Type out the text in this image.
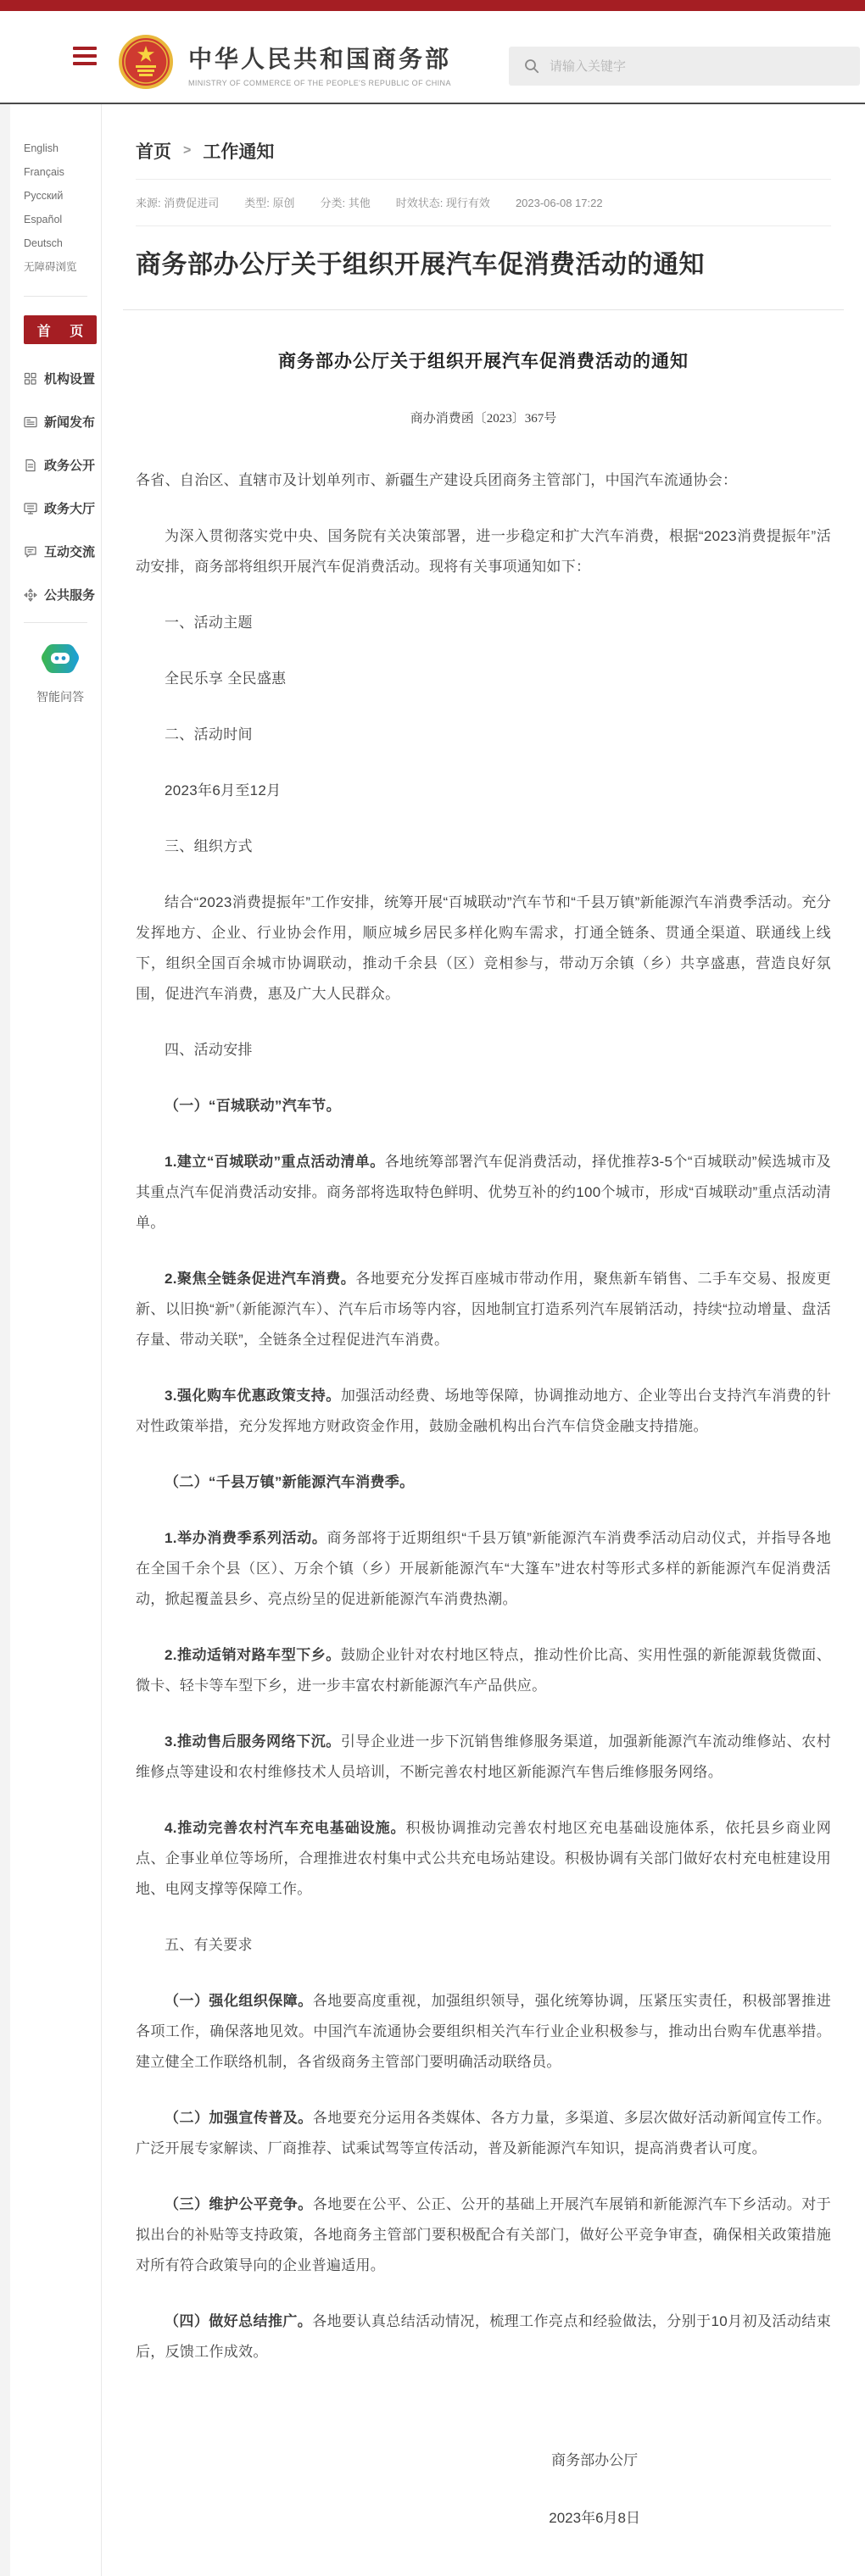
中华人民共和国商务部
MINISTRY OF COMMERCE OF THE PEOPLE'S REPUBLIC OF CHINA
请输入关键字
English
Français
Русский
Español
Deutsch
无障碍浏览
首 页
机构设置
新闻发布
政务公开
政务大厅
互动交流
公共服务
智能问答
首页 > 工作通知
来源: 消费促进司 类型: 原创 分类: 其他 时效状态: 现行有效 2023-06-08 17:22
商务部办公厅关于组织开展汽车促消费活动的通知
商务部办公厅关于组织开展汽车促消费活动的通知
商办消费函〔2023〕367号
各省、自治区、直辖市及计划单列市、新疆生产建设兵团商务主管部门，中国汽车流通协会：
为深入贯彻落实党中央、国务院有关决策部署，进一步稳定和扩大汽车消费，根据“2023消费提振年”活动安排，商务部将组织开展汽车促消费活动。现将有关事项通知如下：
一、活动主题
全民乐享 全民盛惠
二、活动时间
2023年6月至12月
三、组织方式
结合“2023消费提振年”工作安排，统筹开展“百城联动”汽车节和“千县万镇”新能源汽车消费季活动。充分发挥地方、企业、行业协会作用，顺应城乡居民多样化购车需求，打通全链条、贯通全渠道、联通线上线下，组织全国百余城市协调联动，推动千余县（区）竞相参与，带动万余镇（乡）共享盛惠，营造良好氛围，促进汽车消费，惠及广大人民群众。
四、活动安排
（一）“百城联动”汽车节。
1.建立“百城联动”重点活动清单。各地统筹部署汽车促消费活动，择优推荐3-5个“百城联动”候选城市及其重点汽车促消费活动安排。商务部将选取特色鲜明、优势互补的约100个城市，形成“百城联动”重点活动清单。
2.聚焦全链条促进汽车消费。各地要充分发挥百座城市带动作用，聚焦新车销售、二手车交易、报废更新、以旧换“新”（新能源汽车）、汽车后市场等内容，因地制宜打造系列汽车展销活动，持续“拉动增量、盘活存量、带动关联”，全链条全过程促进汽车消费。
3.强化购车优惠政策支持。加强活动经费、场地等保障，协调推动地方、企业等出台支持汽车消费的针对性政策举措，充分发挥地方财政资金作用，鼓励金融机构出台汽车信贷金融支持措施。
（二）“千县万镇”新能源汽车消费季。
1.举办消费季系列活动。商务部将于近期组织“千县万镇”新能源汽车消费季活动启动仪式，并指导各地在全国千余个县（区）、万余个镇（乡）开展新能源汽车“大篷车”进农村等形式多样的新能源汽车促消费活动，掀起覆盖县乡、亮点纷呈的促进新能源汽车消费热潮。
2.推动适销对路车型下乡。鼓励企业针对农村地区特点，推动性价比高、实用性强的新能源载货微面、微卡、轻卡等车型下乡，进一步丰富农村新能源汽车产品供应。
3.推动售后服务网络下沉。引导企业进一步下沉销售维修服务渠道，加强新能源汽车流动维修站、农村维修点等建设和农村维修技术人员培训，不断完善农村地区新能源汽车售后维修服务网络。
4.推动完善农村汽车充电基础设施。积极协调推动完善农村地区充电基础设施体系，依托县乡商业网点、企事业单位等场所，合理推进农村集中式公共充电场站建设。积极协调有关部门做好农村充电桩建设用地、电网支撑等保障工作。
五、有关要求
（一）强化组织保障。各地要高度重视，加强组织领导，强化统筹协调，压紧压实责任，积极部署推进各项工作，确保落地见效。中国汽车流通协会要组织相关汽车行业企业积极参与，推动出台购车优惠举措。建立健全工作联络机制，各省级商务主管部门要明确活动联络员。
（二）加强宣传普及。各地要充分运用各类媒体、各方力量，多渠道、多层次做好活动新闻宣传工作。广泛开展专家解读、厂商推荐、试乘试驾等宣传活动，普及新能源汽车知识，提高消费者认可度。
（三）维护公平竞争。各地要在公平、公正、公开的基础上开展汽车展销和新能源汽车下乡活动。对于拟出台的补贴等支持政策，各地商务主管部门要积极配合有关部门，做好公平竞争审查，确保相关政策措施对所有符合政策导向的企业普遍适用。
（四）做好总结推广。各地要认真总结活动情况，梳理工作亮点和经验做法，分别于10月初及活动结束后，反馈工作成效。
商务部办公厅
2023年6月8日
